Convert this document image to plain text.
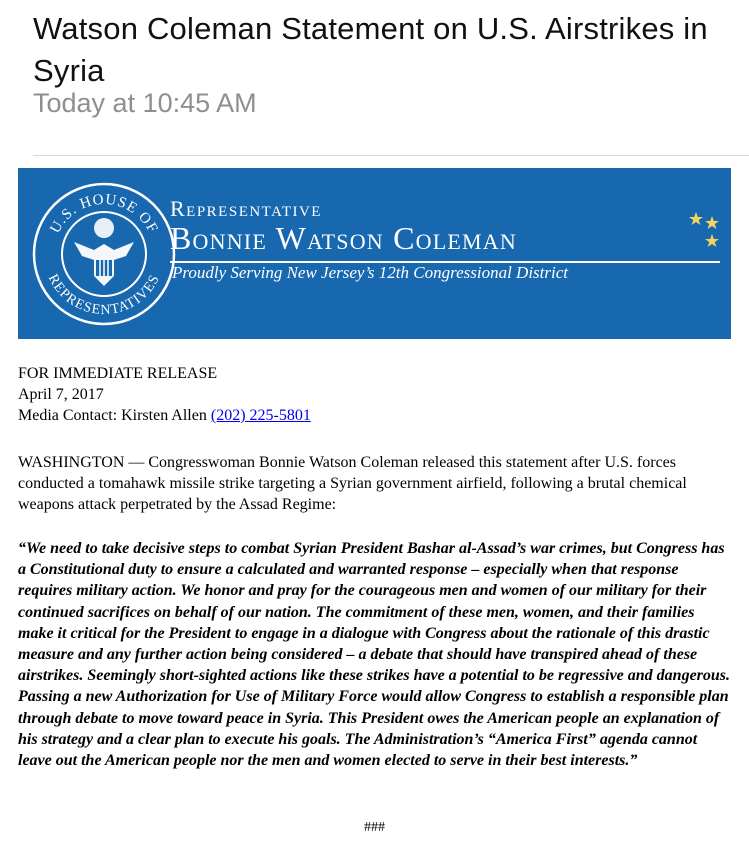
Watson Coleman Statement on U.S. Airstrikes in Syria
Today at 10:45 AM
U.S. HOUSE OF
REPRESENTATIVES
Representative
Bonnie Watson Coleman
Proudly Serving New Jersey’s 12th Congressional District
FOR IMMEDIATE RELEASE
April 7, 2017
Media Contact: Kirsten Allen (202) 225-5801
WASHINGTON — Congresswoman Bonnie Watson Coleman released this statement after U.S. forces conducted a tomahawk missile strike targeting a Syrian government airfield, following a brutal chemical weapons attack perpetrated by the Assad Regime:
“We need to take decisive steps to combat Syrian President Bashar al-Assad’s war crimes, but Congress has a Constitutional duty to ensure a calculated and warranted response – especially when that response requires military action. We honor and pray for the courageous men and women of our military for their continued sacrifices on behalf of our nation. The commitment of these men, women, and their families make it critical for the President to engage in a dialogue with Congress about the rationale of this drastic measure and any further action being considered – a debate that should have transpired ahead of these airstrikes. Seemingly short-sighted actions like these strikes have a potential to be regressive and dangerous. Passing a new Authorization for Use of Military Force would allow Congress to establish a responsible plan through debate to move toward peace in Syria. This President owes the American people an explanation of his strategy and a clear plan to execute his goals. The Administration’s “America First” agenda cannot leave out the American people nor the men and women elected to serve in their best interests.”
###
